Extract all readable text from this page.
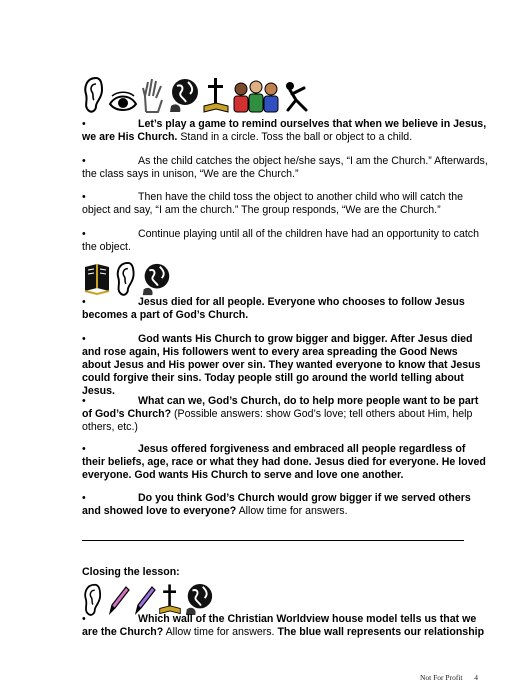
•	Let’s play a game to remind ourselves that when we believe in Jesus, we are His Church. Stand in a circle. Toss the ball or object to a child.
•	As the child catches the object he/she says, “I am the Church.” Afterwards, the class says in unison, “We are the Church.”
•	Then have the child toss the object to another child who will catch the object and say, “I am the church.” The group responds, “We are the Church.”
•	Continue playing until all of the children have had an opportunity to catch the object.
•	Jesus died for all people. Everyone who chooses to follow Jesus becomes a part of God’s Church.
•	God wants His Church to grow bigger and bigger. After Jesus died and rose again, His followers went to every area spreading the Good News about Jesus and His power over sin. They wanted everyone to know that Jesus could forgive their sins. Today people still go around the world telling about Jesus.
•	What can we, God’s Church, do to help more people want to be part of God’s Church? (Possible answers: show God’s love; tell others about Him, help others, etc.)
•	Jesus offered forgiveness and embraced all people regardless of their beliefs, age, race or what they had done. Jesus died for everyone. He loved everyone. God wants His Church to serve and love one another.
•	Do you think God’s Church would grow bigger if we served others and showed love to everyone? Allow time for answers.
Closing the lesson:
•	Which wall of the Christian Worldview house model tells us that we are the Church? Allow time for answers. The blue wall represents our relationship
Not For Profit 4
